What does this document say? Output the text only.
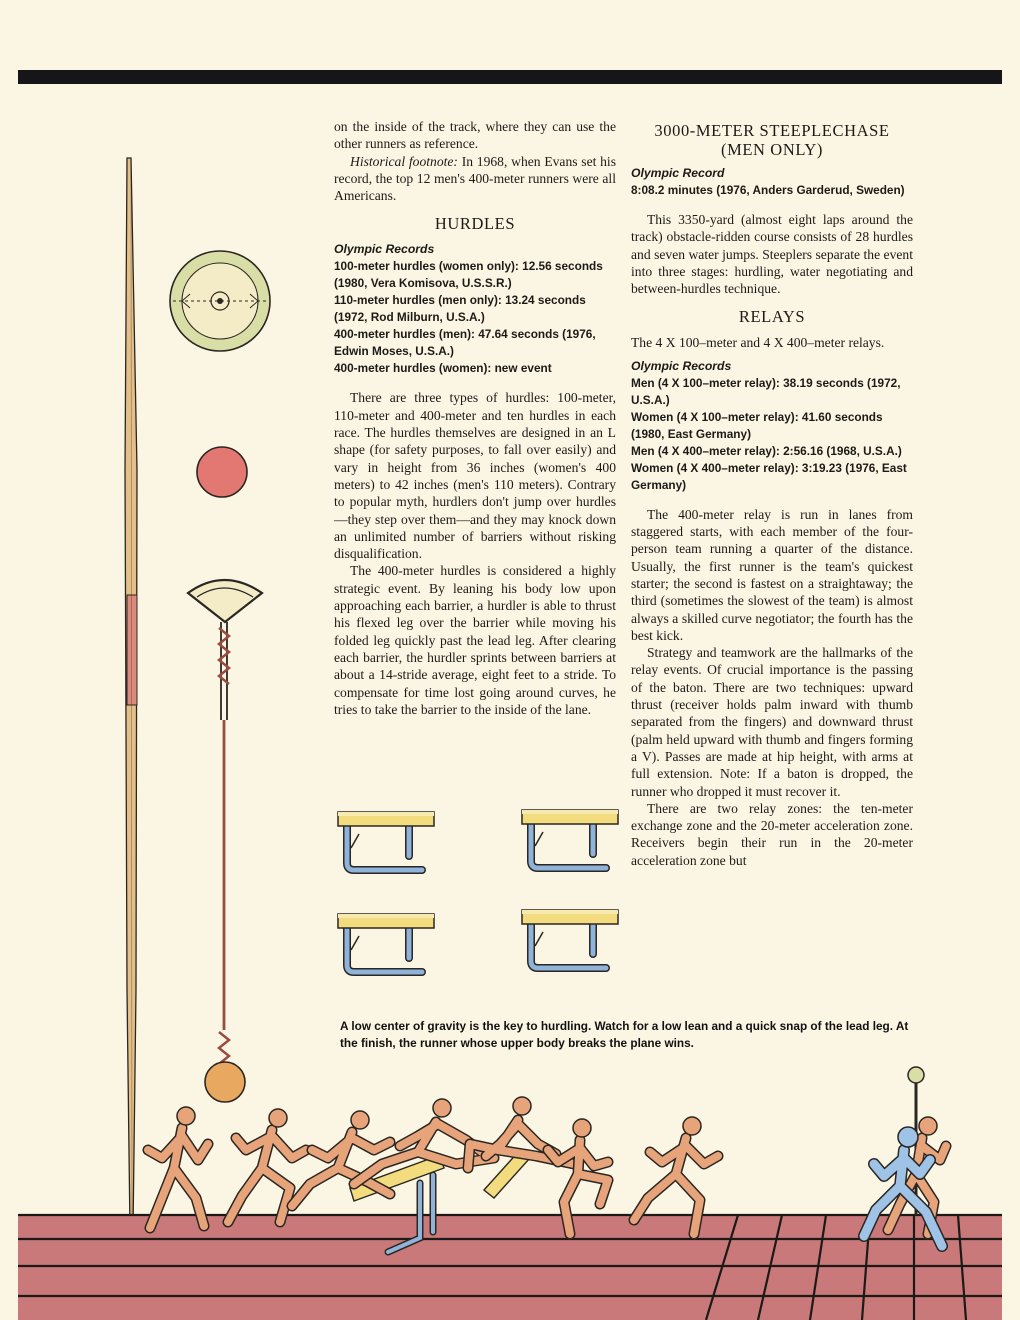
on the inside of the track, where they can use the other runners as reference.

Historical footnote: In 1968, when Evans set his record, the top 12 men's 400-meter runners were all Americans.

HURDLES
Olympic Records
100-meter hurdles (women only): 12.56 seconds (1980, Vera Komisova, U.S.S.R.)
110-meter hurdles (men only): 13.24 seconds (1972, Rod Milburn, U.S.A.)
400-meter hurdles (men): 47.64 seconds (1976, Edwin Moses, U.S.A.)
400-meter hurdles (women): new event

There are three types of hurdles: 100-meter, 110-meter and 400-meter and ten hurdles in each race. The hurdles themselves are designed in an L shape (for safety purposes, to fall over easily) and vary in height from 36 inches (women's 400 meters) to 42 inches (men's 110 meters). Contrary to popular myth, hurdlers don't jump over hurdles—they step over them—and they may knock down an unlimited number of barriers without risking disqualification.

The 400-meter hurdles is considered a highly strategic event. By leaning his body low upon approaching each barrier, a hurdler is able to thrust his flexed leg over the barrier while moving his folded leg quickly past the lead leg. After clearing each barrier, the hurdler sprints between barriers at about a 14-stride average, eight feet to a stride. To compensate for time lost going around curves, he tries to take the barrier to the inside of the lane.

3000-METER STEEPLECHASE
(MEN ONLY)
Olympic Record
8:08.2 minutes (1976, Anders Garderud, Sweden)

This 3350-yard (almost eight laps around the track) obstacle-ridden course consists of 28 hurdles and seven water jumps. Steeplers separate the event into three stages: hurdling, water negotiating and between-hurdles technique.

RELAYS

The 4 X 100–meter and 4 X 400–meter relays.

Olympic Records
Men (4 X 100–meter relay): 38.19 seconds (1972, U.S.A.)
Women (4 X 100–meter relay): 41.60 seconds (1980, East Germany)
Men (4 X 400–meter relay): 2:56.16 (1968, U.S.A.)
Women (4 X 400–meter relay): 3:19.23 (1976, East Germany)

The 400-meter relay is run in lanes from staggered starts, with each member of the four-person team running a quarter of the distance. Usually, the first runner is the team's quickest starter; the second is fastest on a straightaway; the third (sometimes the slowest of the team) is almost always a skilled curve negotiator; the fourth has the best kick.

Strategy and teamwork are the hallmarks of the relay events. Of crucial importance is the passing of the baton. There are two techniques: upward thrust (receiver holds palm inward with thumb separated from the fingers) and downward thrust (palm held upward with thumb and fingers forming a V). Passes are made at hip height, with arms at full extension. Note: If a baton is dropped, the runner who dropped it must recover it.

There are two relay zones: the ten-meter exchange zone and the 20-meter acceleration zone. Receivers begin their run in the 20-meter acceleration zone but

A low center of gravity is the key to hurdling. Watch for a low lean and a quick snap of the lead leg. At the finish, the runner whose upper body breaks the plane wins.
